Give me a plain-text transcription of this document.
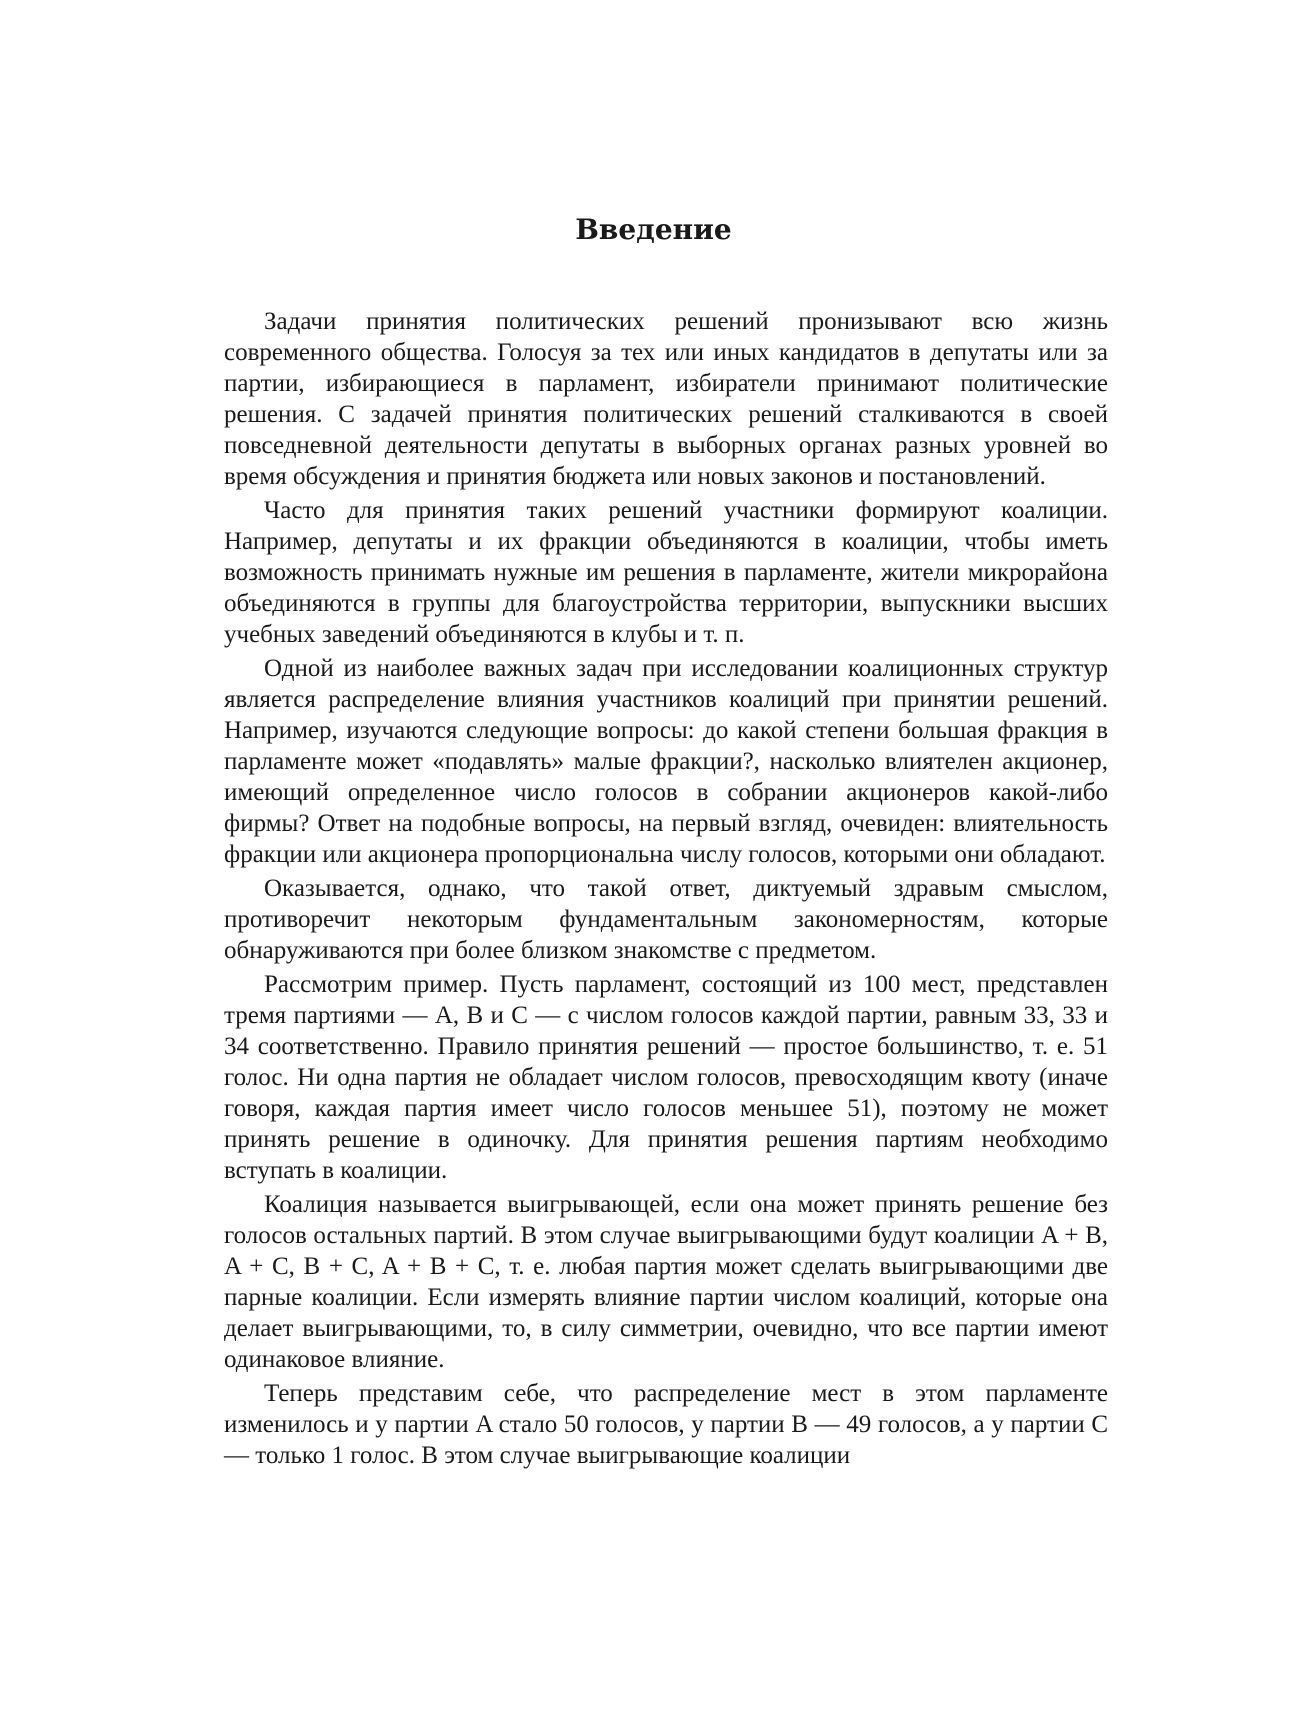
Введение

Задачи принятия политических решений пронизывают всю жизнь современного общества. Голосуя за тех или иных кандидатов в депутаты или за партии, избирающиеся в парламент, избиратели принимают политические решения. С задачей принятия политических решений сталкиваются в своей повседневной деятельности депутаты в выборных органах разных уровней во время обсуждения и принятия бюджета или новых законов и постановлений.

Часто для принятия таких решений участники формируют коалиции. Например, депутаты и их фракции объединяются в коалиции, чтобы иметь возможность принимать нужные им решения в парламенте, жители микрорайона объединяются в группы для благоустройства территории, выпускники высших учебных заведений объединяются в клубы и т. п.

Одной из наиболее важных задач при исследовании коалиционных структур является распределение влияния участников коалиций при принятии решений. Например, изучаются следующие вопросы: до какой степени большая фракция в парламенте может «подавлять» малые фракции?, насколько влиятелен акционер, имеющий определенное число голосов в собрании акционеров какой-либо фирмы? Ответ на подобные вопросы, на первый взгляд, очевиден: влиятельность фракции или акционера пропорциональна числу голосов, которыми они обладают.

Оказывается, однако, что такой ответ, диктуемый здравым смыслом, противоречит некоторым фундаментальным закономерностям, которые обнаруживаются при более близком знакомстве с предметом.

Рассмотрим пример. Пусть парламент, состоящий из 100 мест, представлен тремя партиями — A, B и C — с числом голосов каждой партии, равным 33, 33 и 34 соответственно. Правило принятия решений — простое большинство, т. е. 51 голос. Ни одна партия не обладает числом голосов, превосходящим квоту (иначе говоря, каждая партия имеет число голосов меньшее 51), поэтому не может принять решение в одиночку. Для принятия решения партиям необходимо вступать в коалиции.

Коалиция называется выигрывающей, если она может принять решение без голосов остальных партий. В этом случае выигрывающими будут коалиции A + B, A + C, B + C, A + B + C, т. е. любая партия может сделать выигрывающими две парные коалиции. Если измерять влияние партии числом коалиций, которые она делает выигрывающими, то, в силу симметрии, очевидно, что все партии имеют одинаковое влияние.

Теперь представим себе, что распределение мест в этом парламенте изменилось и у партии A стало 50 голосов, у партии B — 49 голосов, а у партии C — только 1 голос. В этом случае выигрывающие коалиции
